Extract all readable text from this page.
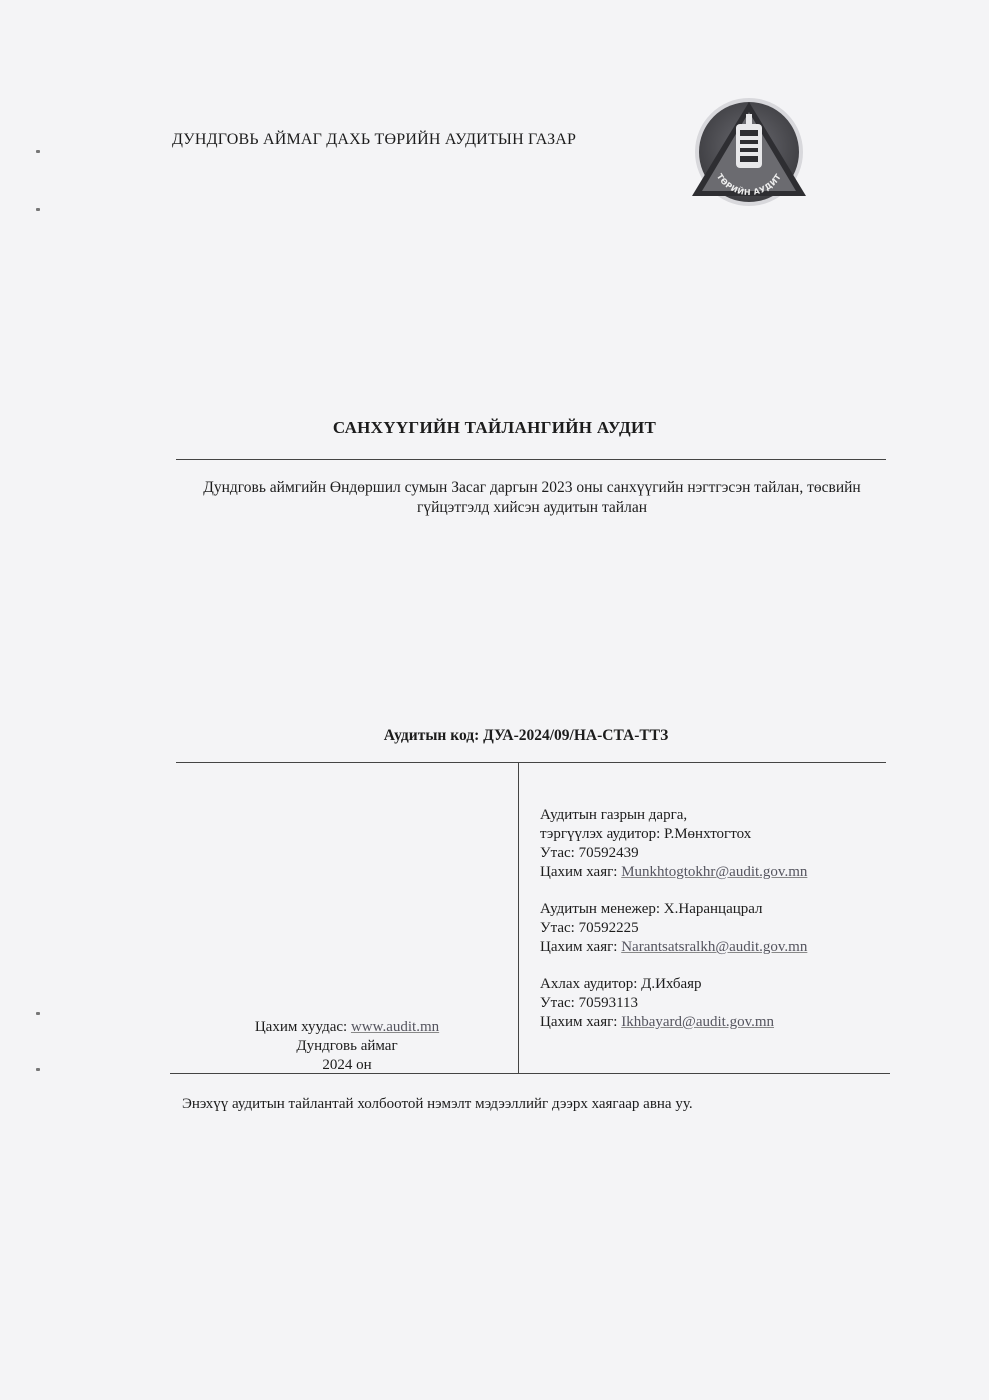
ДУНДГОВЬ АЙМАГ ДАХЬ ТӨРИЙН АУДИТЫН ГАЗАР
ТӨРИЙН АУДИТ
САНХҮҮГИЙН ТАЙЛАНГИЙН АУДИТ
Дундговь аймгийн Өндөршил сумын Засаг даргын 2023 оны санхүүгийн нэгтгэсэн тайлан, төсвийн
гүйцэтгэлд хийсэн аудитын тайлан
Аудитын код: ДУА-2024/09/НА-СТА-ТТЗ
Цахим хуудас: www.audit.mn
Дундговь аймаг
2024 он

Аудитын газрын дарга,

тэргүүлэх аудитор: Р.Мөнхтогтох

Утас: 70592439

Цахим хаяг: Munkhtogtokhr@audit.gov.mn

Аудитын менежер: Х.Наранцацрал

Утас: 70592225

Цахим хаяг: Narantsatsralkh@audit.gov.mn

Ахлах аудитор: Д.Ихбаяр

Утас: 70593113

Цахим хаяг: Ikhbayard@audit.gov.mn

Энэхүү аудитын тайлантай холбоотой нэмэлт мэдээллийг дээрх хаягаар авна уу.
